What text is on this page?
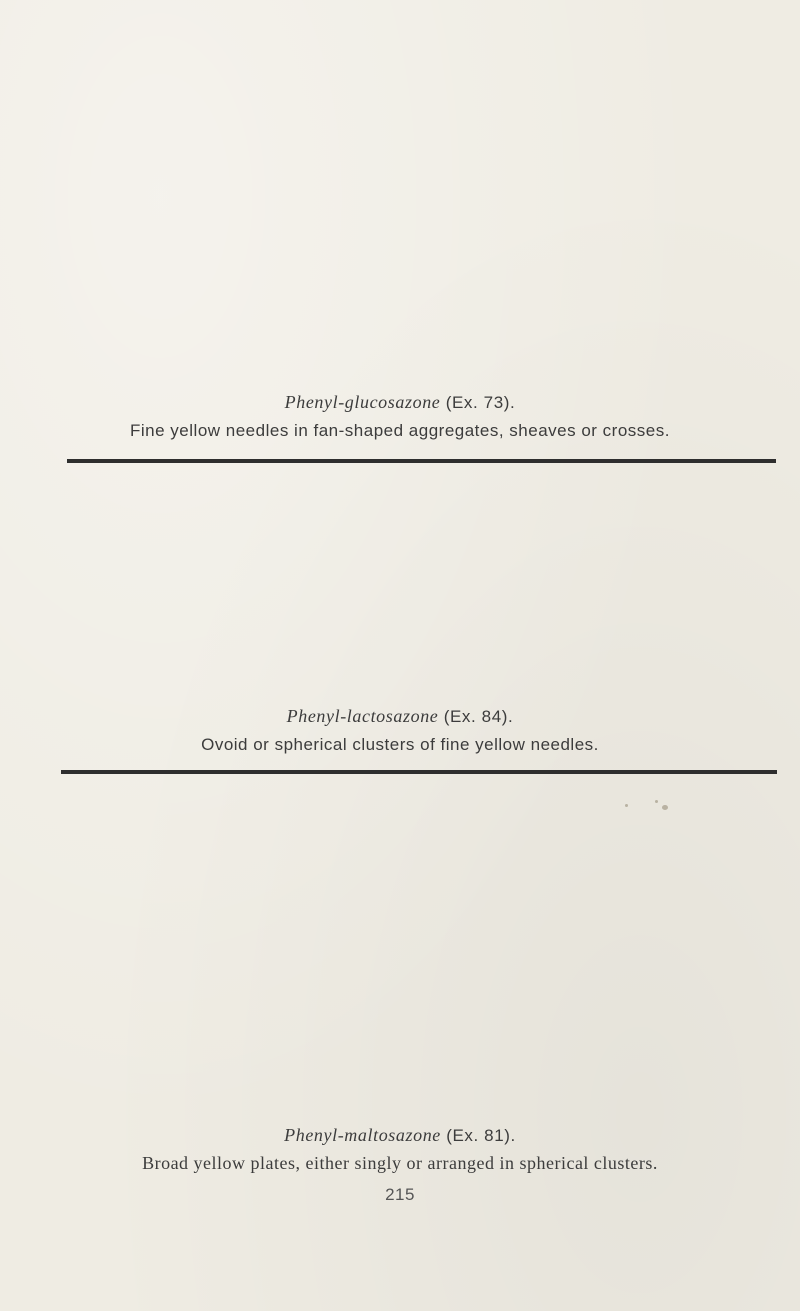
Phenyl-glucosazone (Ex. 73).
Fine yellow needles in fan-shaped aggregates, sheaves or crosses.
Phenyl-lactosazone (Ex. 84).
Ovoid or spherical clusters of fine yellow needles.
Phenyl-maltosazone (Ex. 81).
Broad yellow plates, either singly or arranged in spherical clusters.
215
